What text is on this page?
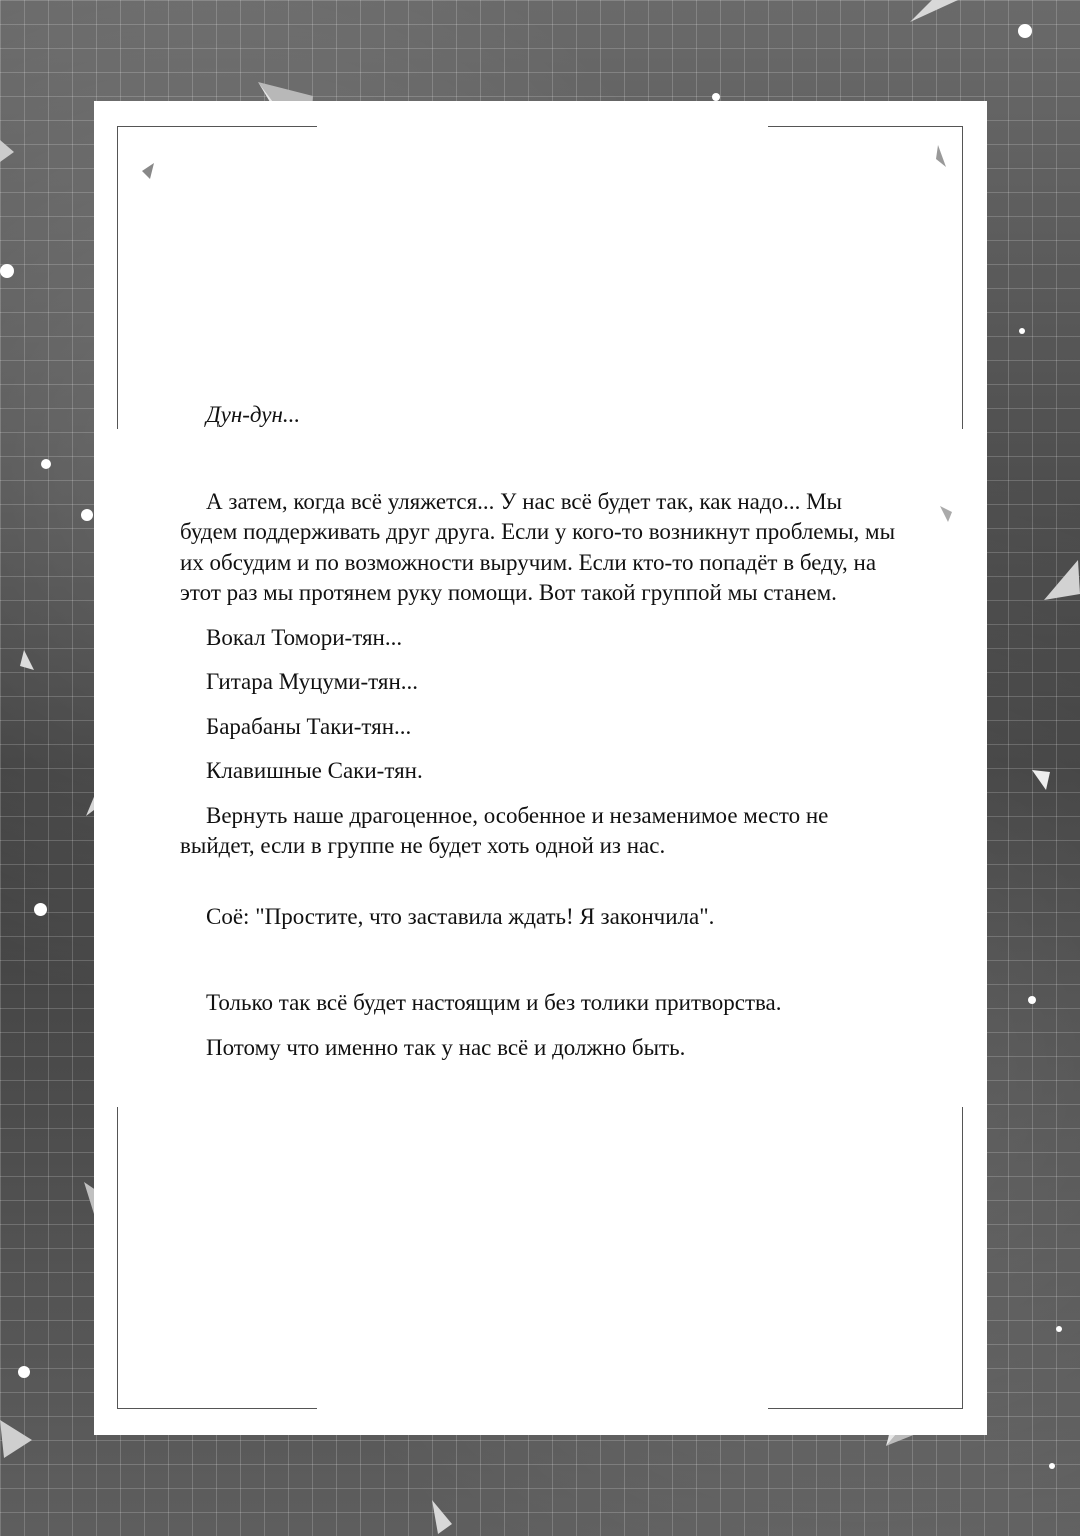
Дун-дун...

А затем, когда всё уляжется... У нас всё будет так, как надо... Мы будем поддерживать друг друга. Если у кого-то возникнут проблемы, мы их обсудим и по возможности выручим. Если кто-то попадёт в беду, на этот раз мы протянем руку помощи. Вот такой группой мы станем.

Вокал Томори-тян...

Гитара Муцуми-тян...

Барабаны Таки-тян...

Клавишные Саки-тян.

Вернуть наше драгоценное, особенное и незаменимое место не выйдет, если в группе не будет хоть одной из нас.

Соё: "Простите, что заставила ждать! Я закончила".

Только так всё будет настоящим и без толики притворства.

Потому что именно так у нас всё и должно быть.
